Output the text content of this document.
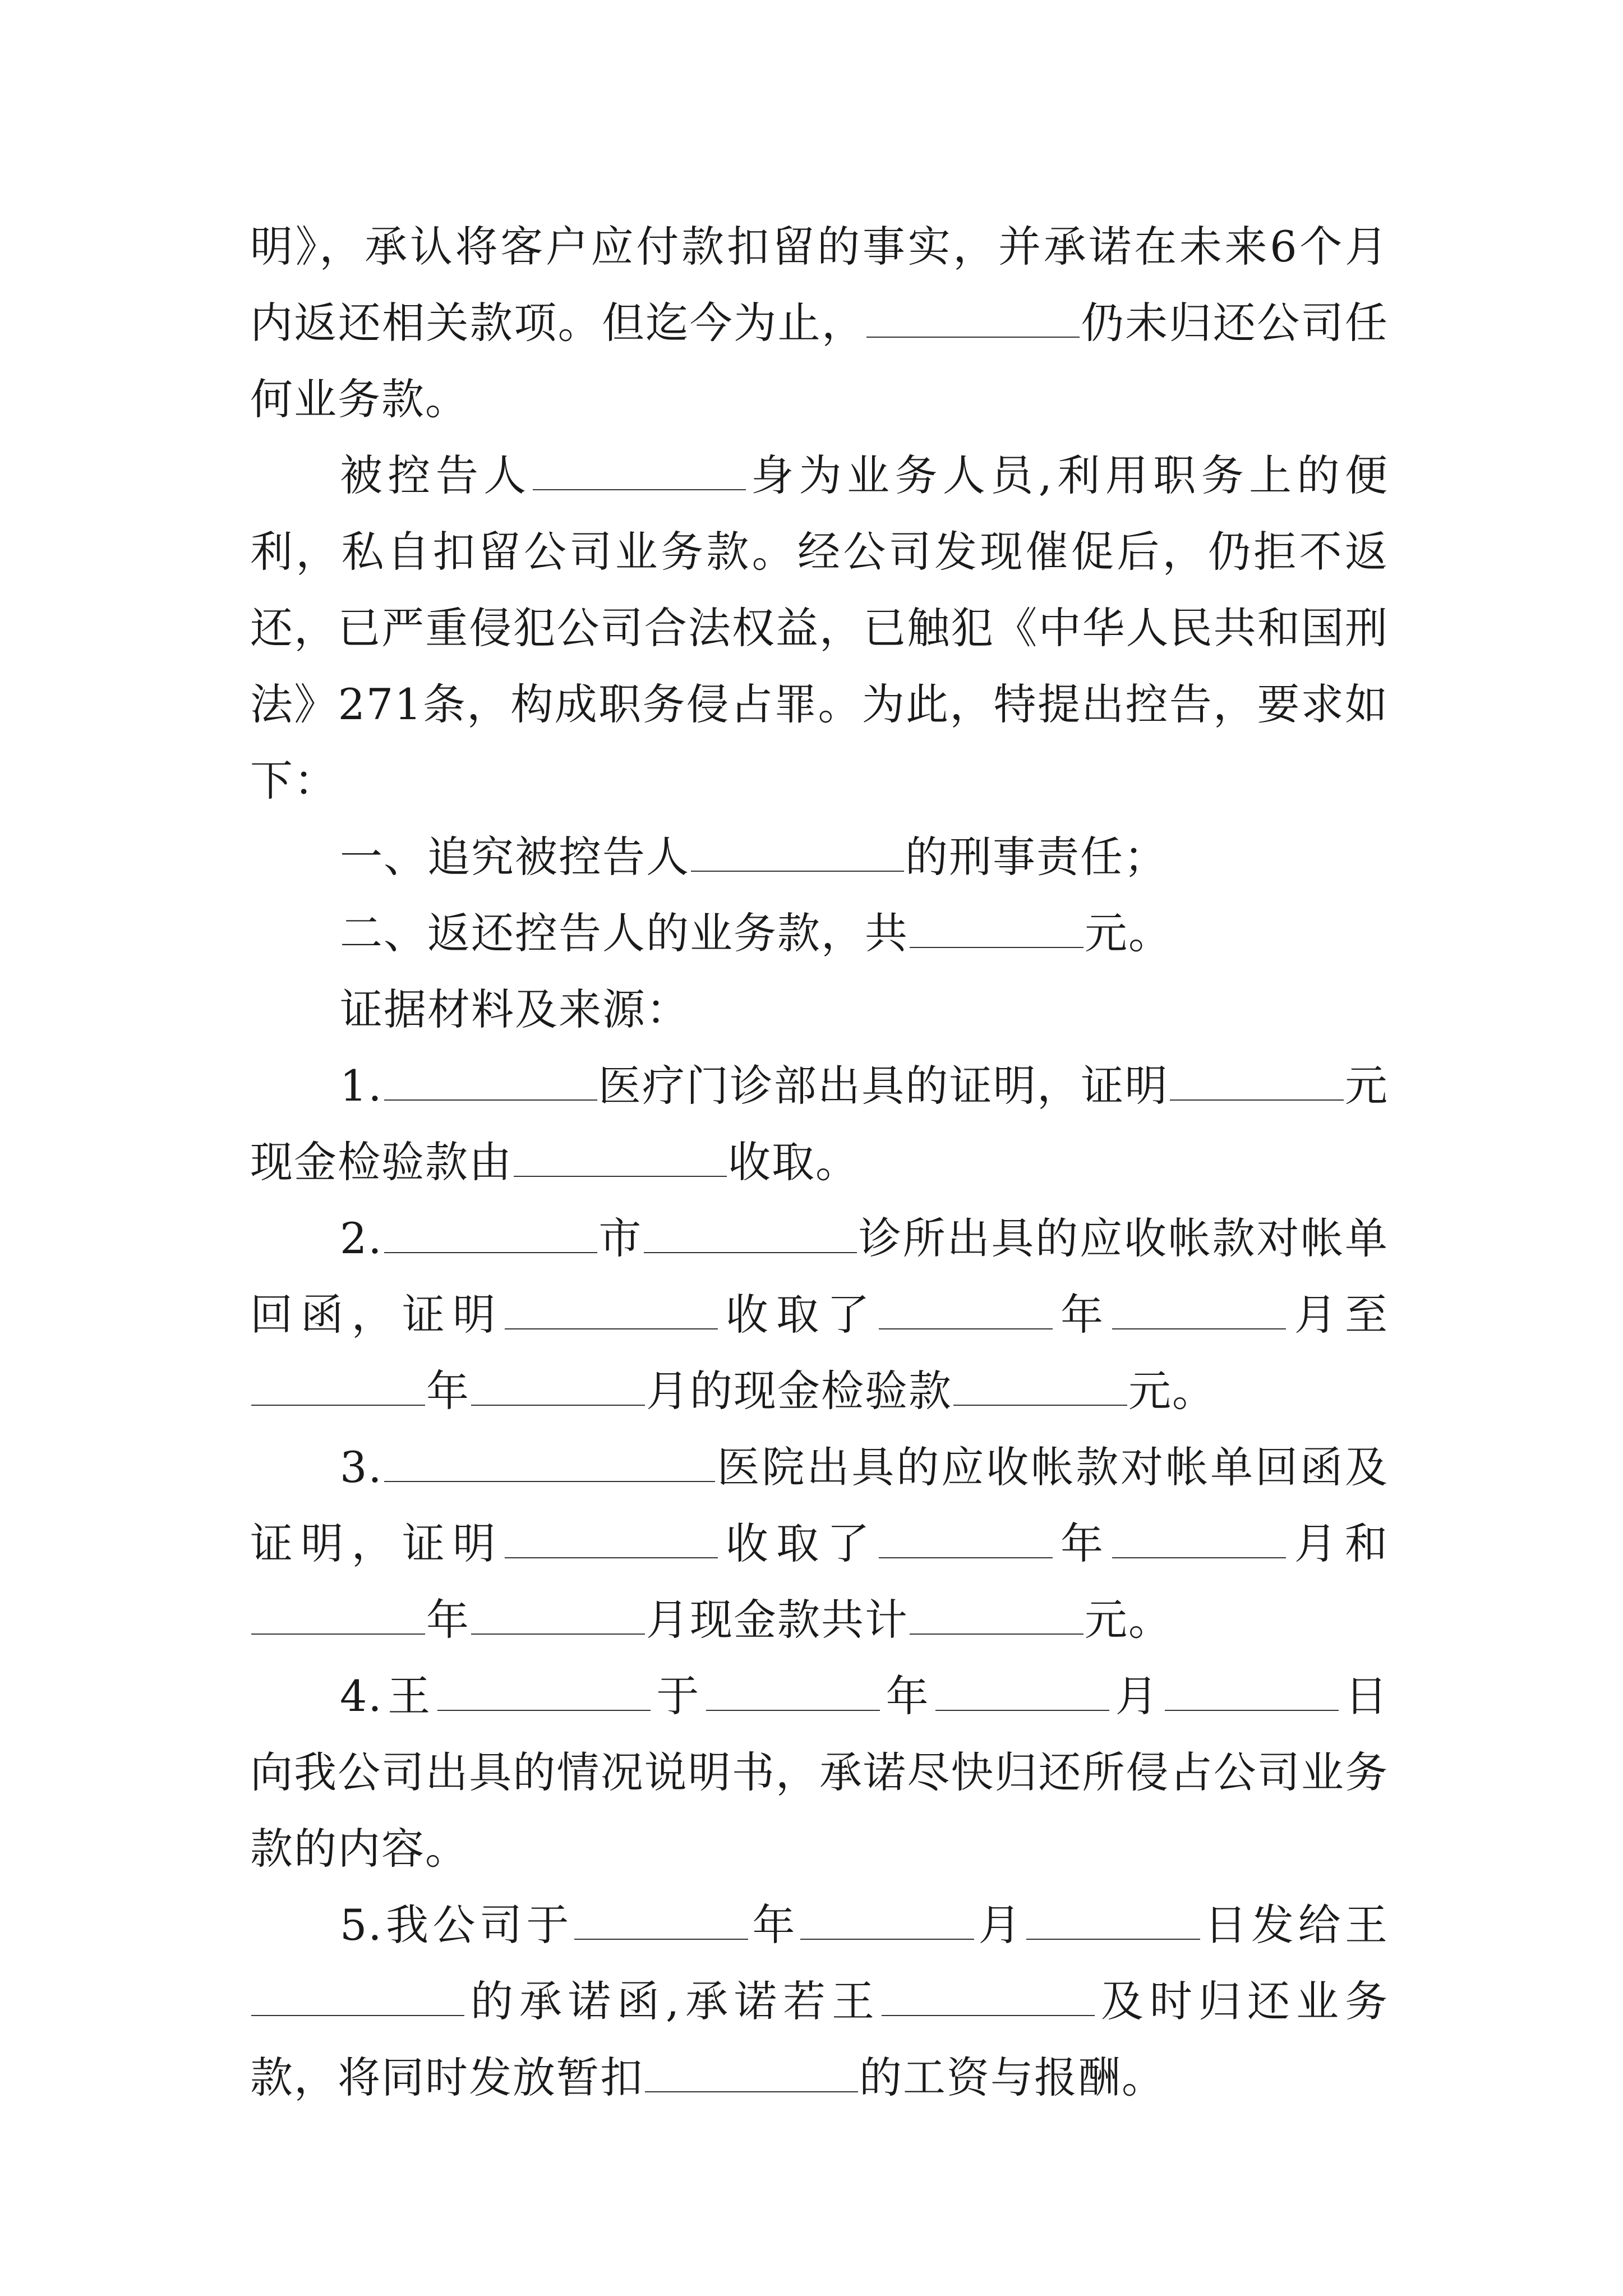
明》，承认将客户应付款扣留的事实，并承诺在未来6个月内返还相关款项。但迄今为止，	仍未归还公司任何业务款。

被控告人	身为业务人员,利用职务上的便利，私自扣留公司业务款。经公司发现催促后，仍拒不返还，已严重侵犯公司合法权益，已触犯《中华人民共和国刑法》271条，构成职务侵占罪。为此，特提出控告，要求如下：

一、追究被控告人	的刑事责任；

二、返还控告人的业务款，共	元。

证据材料及来源：

1.	医疗门诊部出具的证明，证明	元现金检验款由	收取。

2.	市	诊所出具的应收帐款对帐单回函，证明	收取了	年	月至年	月的现金检验款	元。

3.	医院出具的应收帐款对帐单回函及证明，证明	收取了	年	月和年	月现金款共计	元。

4.王	于	年	月	日向我公司出具的情况说明书，承诺尽快归还所侵占公司业务款的内容。

5.我公司于	年	月	日发给王的承诺函,承诺若王	及时归还业务款，将同时发放暂扣	的工资与报酬。
